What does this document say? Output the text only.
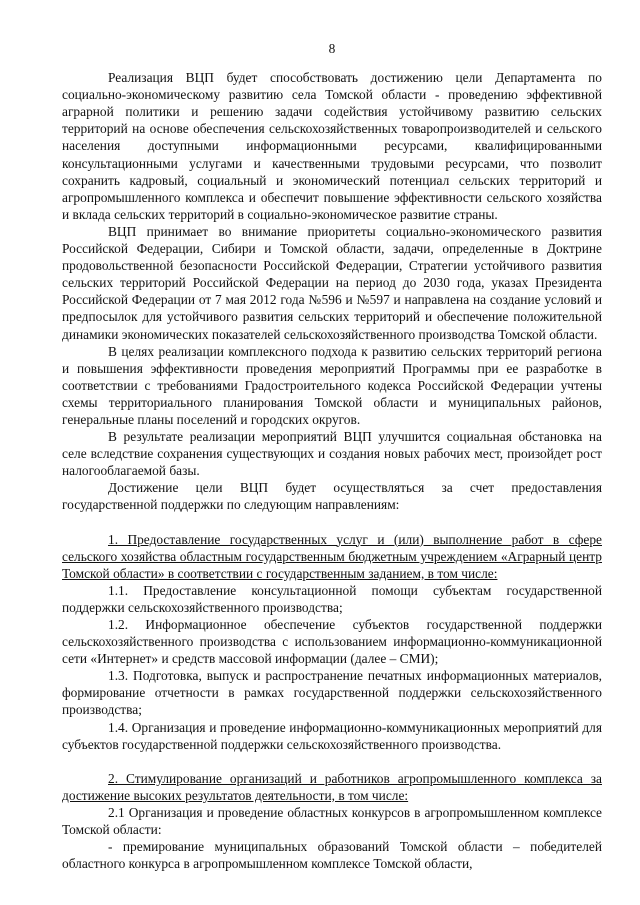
8

Реализация ВЦП будет способствовать достижению цели Департамента по социально-экономическому развитию села Томской области - проведению эффективной аграрной политики и решению задачи содействия устойчивому развитию сельских территорий на основе обеспечения сельскохозяйственных товаропроизводителей и сельского населения доступными информационными ресурсами, квалифицированными консультационными услугами и качественными трудовыми ресурсами, что позволит сохранить кадровый, социальный и экономический потенциал сельских территорий и агропромышленного комплекса и обеспечит повышение эффективности сельского хозяйства и вклада сельских территорий в социально-экономическое развитие страны.

ВЦП принимает во внимание приоритеты социально-экономического развития Российской Федерации, Сибири и Томской области, задачи, определенные в Доктрине продовольственной безопасности Российской Федерации, Стратегии устойчивого развития сельских территорий Российской Федерации на период до 2030 года, указах Президента Российской Федерации от 7 мая 2012 года №596 и №597 и направлена на создание условий и предпосылок для устойчивого развития сельских территорий и обеспечение положительной динамики экономических показателей сельскохозяйственного производства Томской области.

В целях реализации комплексного подхода к развитию сельских территорий региона и повышения эффективности проведения мероприятий Программы при ее разработке в соответствии с требованиями Градостроительного кодекса Российской Федерации учтены схемы территориального планирования Томской области и муниципальных районов, генеральные планы поселений и городских округов.

В результате реализации мероприятий ВЦП улучшится социальная обстановка на селе вследствие сохранения существующих и создания новых рабочих мест, произойдет рост налогооблагаемой базы.

Достижение цели ВЦП будет осуществляться за счет предоставления государственной поддержки по следующим направлениям:

1. Предоставление государственных услуг и (или) выполнение работ в сфере сельского хозяйства областным государственным бюджетным учреждением «Аграрный центр Томской области» в соответствии с государственным заданием, в том числе:

1.1. Предоставление консультационной помощи субъектам государственной поддержки сельскохозяйственного производства;

1.2. Информационное обеспечение субъектов государственной поддержки сельскохозяйственного производства с использованием информационно-коммуникационной сети «Интернет» и средств массовой информации (далее – СМИ);

1.3. Подготовка, выпуск и распространение печатных информационных материалов, формирование отчетности в рамках государственной поддержки сельскохозяйственного производства;

1.4. Организация и проведение информационно-коммуникационных мероприятий для субъектов государственной поддержки сельскохозяйственного производства.

2. Стимулирование организаций и работников агропромышленного комплекса за достижение высоких результатов деятельности, в том числе:

2.1 Организация и проведение областных конкурсов в агропромышленном комплексе Томской области:

- премирование муниципальных образований Томской области – победителей областного конкурса в агропромышленном комплексе Томской области,
